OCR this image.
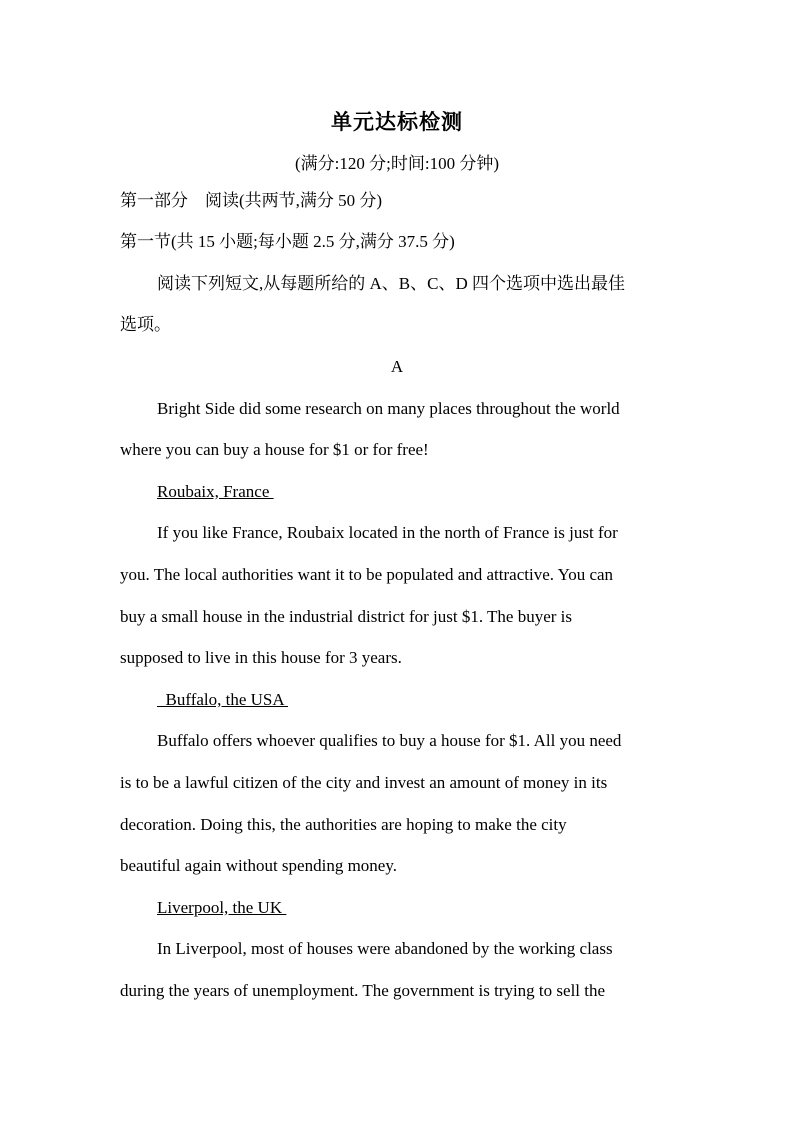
单元达标检测
(满分:120 分;时间:100 分钟)
第一部分　阅读(共两节,满分 50 分)
第一节(共 15 小题;每小题 2.5 分,满分 37.5 分)
阅读下列短文,从每题所给的 A、B、C、D 四个选项中选出最佳
选项。
A
Bright Side did some research on many places throughout the world
where you can buy a house for $1 or for free!
Roubaix, France
If you like France, Roubaix located in the north of France is just for
you. The local authorities want it to be populated and attractive. You can
buy a small house in the industrial district for just $1. The buyer is
supposed to live in this house for 3 years.
Buffalo, the USA
Buffalo offers whoever qualifies to buy a house for $1. All you need
is to be a lawful citizen of the city and invest an amount of money in its
decoration. Doing this, the authorities are hoping to make the city
beautiful again without spending money.
Liverpool, the UK
In Liverpool, most of houses were abandoned by the working class
during the years of unemployment. The government is trying to sell the
